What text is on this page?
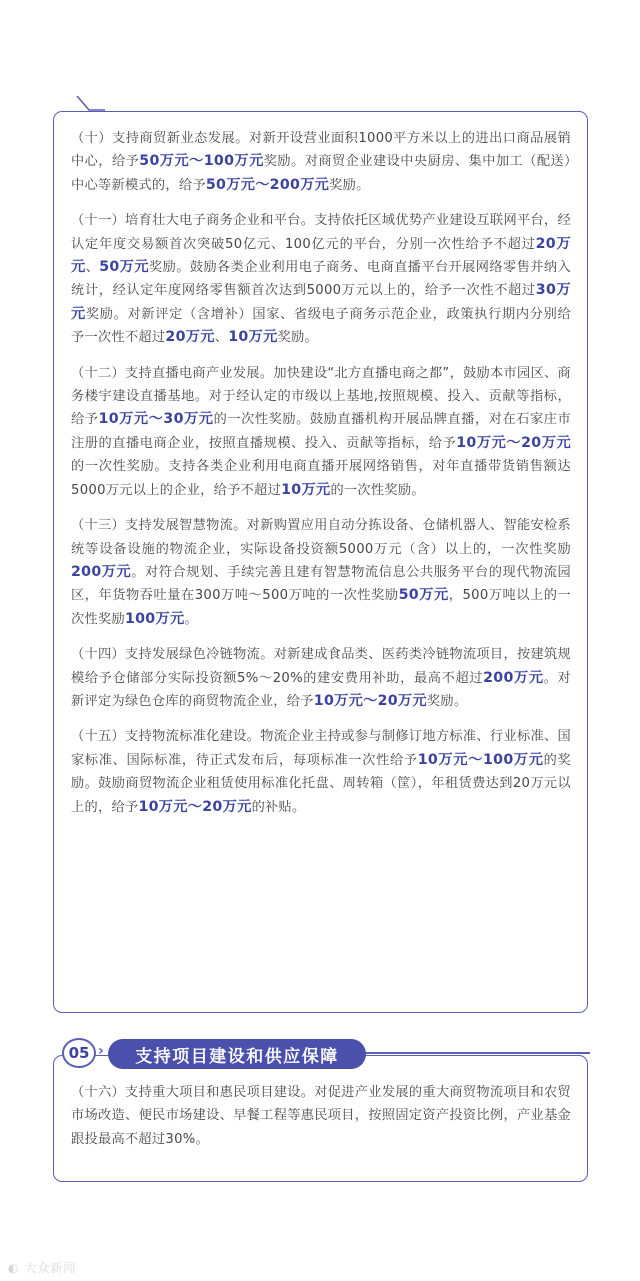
（十）支持商贸新业态发展。对新开设营业面积1000平方米以上的进出口商品展销中心，给予50万元～100万元奖励。对商贸企业建设中央厨房、集中加工（配送）中心等新模式的，给予50万元～200万元奖励。

（十一）培育壮大电子商务企业和平台。支持依托区域优势产业建设互联网平台，经认定年度交易额首次突破50亿元、100亿元的平台，分别一次性给予不超过20万元、50万元奖励。鼓励各类企业利用电子商务、电商直播平台开展网络零售并纳入统计，经认定年度网络零售额首次达到5000万元以上的，给予一次性不超过30万元奖励。对新评定（含增补）国家、省级电子商务示范企业，政策执行期内分别给予一次性不超过20万元、10万元奖励。

（十二）支持直播电商产业发展。加快建设“北方直播电商之都”，鼓励本市园区、商务楼宇建设直播基地。对于经认定的市级以上基地,按照规模、投入、贡献等指标，给予10万元～30万元的一次性奖励。鼓励直播机构开展品牌直播，对在石家庄市注册的直播电商企业，按照直播规模、投入、贡献等指标，给予10万元～20万元的一次性奖励。支持各类企业利用电商直播开展网络销售，对年直播带货销售额达5000万元以上的企业，给予不超过10万元的一次性奖励。

（十三）支持发展智慧物流。对新购置应用自动分拣设备、仓储机器人、智能安检系统等设备设施的物流企业，实际设备投资额5000万元（含）以上的，一次性奖励200万元。对符合规划、手续完善且建有智慧物流信息公共服务平台的现代物流园区，年货物吞吐量在300万吨～500万吨的一次性奖励50万元，500万吨以上的一次性奖励100万元。

（十四）支持发展绿色冷链物流。对新建成食品类、医药类冷链物流项目，按建筑规模给予仓储部分实际投资额5%～20%的建安费用补助，最高不超过200万元。对新评定为绿色仓库的商贸物流企业，给予10万元～20万元奖励。

（十五）支持物流标准化建设。物流企业主持或参与制修订地方标准、行业标准、国家标准、国际标准，待正式发布后，每项标准一次性给予10万元～100万元的奖励。鼓励商贸物流企业租赁使用标准化托盘、周转箱（筐），年租赁费达到20万元以上的，给予10万元～20万元的补贴。

（十六）支持重大项目和惠民项目建设。对促进产业发展的重大商贸物流项目和农贸市场改造、便民市场建设、早餐工程等惠民项目，按照固定资产投资比例，产业基金跟投最高不超过30%。

05 ›	支持项目建设和供应保障
◐ 大众新闻
